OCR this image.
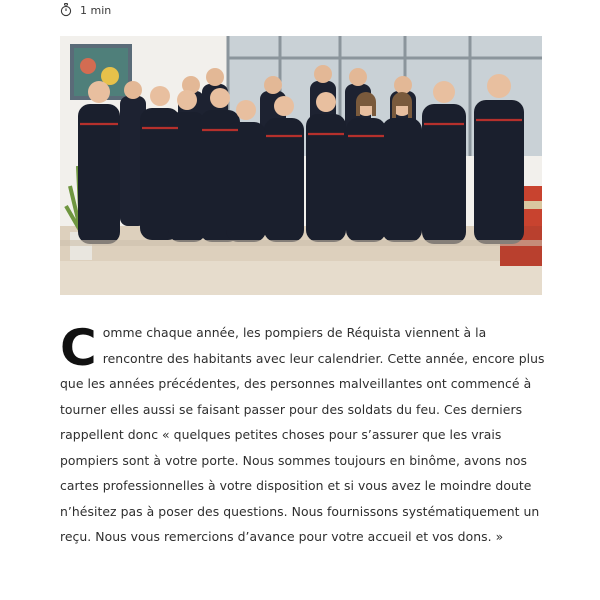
1 min
C omme chaque année, les pompiers de Réquista viennent à la rencontre des habitants avec leur calendrier. Cette année, encore plus que les années précédentes, des personnes malveillantes ont commencé à tourner elles aussi se faisant passer pour des soldats du feu. Ces derniers rappellent donc « quelques petites choses pour s’assurer que les vrais pompiers sont à votre porte. Nous sommes toujours en binôme, avons nos cartes professionnelles à votre disposition et si vous avez le moindre doute n’hésitez pas à poser des questions. Nous fournissons systématiquement un reçu. Nous vous remercions d’avance pour votre accueil et vos dons. »
